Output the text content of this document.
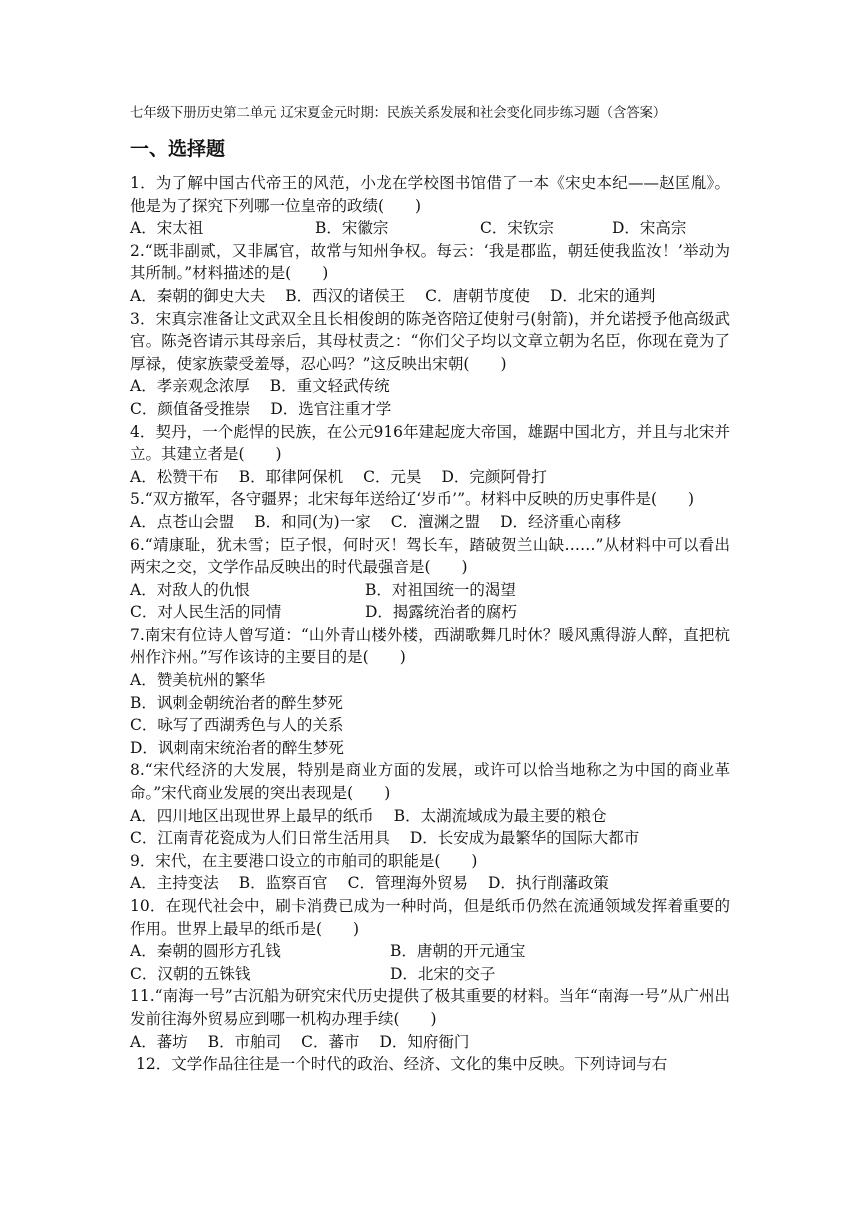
七年级下册历史第二单元 辽宋夏金元时期：民族关系发展和社会变化同步练习题（含答案）
一、选择题
1．为了解中国古代帝王的风范，小龙在学校图书馆借了一本《宋史本纪——赵匡胤》。他是为了探究下列哪一位皇帝的政绩(　　)
A．宋太祖	B．宋徽宗	C．宋钦宗	D．宋高宗
2.“既非副贰，又非属官，故常与知州争权。每云：‘我是郡监，朝廷使我监汝！’举动为其所制。”材料描述的是(　　)
A．秦朝的御史大夫 B．西汉的诸侯王 C．唐朝节度使 D．北宋的通判
3．宋真宗准备让文武双全且长相俊朗的陈尧咨陪辽使射弓(射箭)，并允诺授予他高级武官。陈尧咨请示其母亲后，其母杖责之：“你们父子均以文章立朝为名臣，你现在竟为了厚禄，使家族蒙受羞辱，忍心吗？”这反映出宋朝(　　)
A．孝亲观念浓厚 B．重文轻武传统
C．颜值备受推崇 D．选官注重才学
4．契丹，一个彪悍的民族，在公元916年建起庞大帝国，雄踞中国北方，并且与北宋并立。其建立者是(　　)
A．松赞干布 B．耶律阿保机 C．元昊 D．完颜阿骨打
5.“双方撤军，各守疆界；北宋每年送给辽‘岁币’”。材料中反映的历史事件是(　　)
A．点苍山会盟 B．和同(为)一家 C．澶渊之盟 D．经济重心南移
6.“靖康耻，犹未雪；臣子恨，何时灭！驾长车，踏破贺兰山缺……”从材料中可以看出两宋之交，文学作品反映出的时代最强音是(　　)
A．对敌人的仇恨	B．对祖国统一的渴望
C．对人民生活的同情	D．揭露统治者的腐朽
7.南宋有位诗人曾写道：“山外青山楼外楼，西湖歌舞几时休？暖风熏得游人醉，直把杭州作汴州。”写作该诗的主要目的是(　　)
A．赞美杭州的繁华
B．讽刺金朝统治者的醉生梦死
C．咏写了西湖秀色与人的关系
D．讽刺南宋统治者的醉生梦死
8.“宋代经济的大发展，特别是商业方面的发展，或许可以恰当地称之为中国的商业革命。”宋代商业发展的突出表现是(　　)
A．四川地区出现世界上最早的纸币 B．太湖流域成为最主要的粮仓
C．江南青花瓷成为人们日常生活用具 D．长安成为最繁华的国际大都市
9．宋代，在主要港口设立的市舶司的职能是(　　)
A．主持变法 B．监察百官 C．管理海外贸易 D．执行削藩政策
10．在现代社会中，刷卡消费已成为一种时尚，但是纸币仍然在流通领域发挥着重要的作用。世界上最早的纸币是(　　)
A．秦朝的圆形方孔钱	B．唐朝的开元通宝
C．汉朝的五铢钱	D．北宋的交子
11.“南海一号”古沉船为研究宋代历史提供了极其重要的材料。当年“南海一号”从广州出发前往海外贸易应到哪一机构办理手续(　　)
A．蕃坊 B．市舶司 C．蕃市 D．知府衙门
12．文学作品往往是一个时代的政治、经济、文化的集中反映。下列诗词与右
